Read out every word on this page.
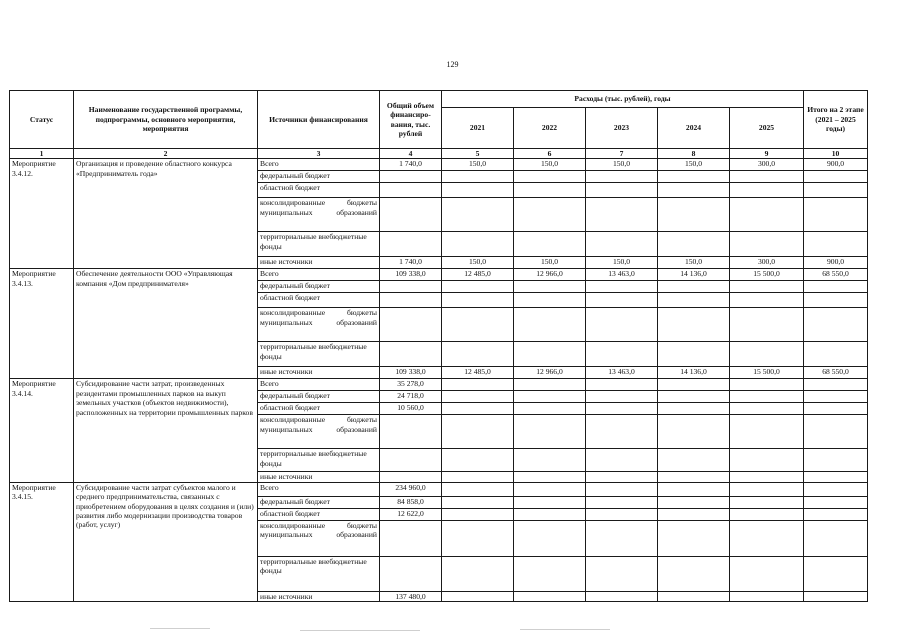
129
Статус	Наименование государственной программы, подпрограммы, основного мероприятия, мероприятия	Источники финансирования	Общий объем финансиро-вания, тыс. рублей	Расходы (тыс. рублей), годы					Итого на 2 этапе (2021 – 2025 годы)
				2021	2022	2023	2024	2025	
1	2	3	4	5	6	7	8	9	10
Мероприятие 3.4.12.	Организация и проведение областного конкурса «Предприниматель года»	Всего	1 740,0	150,0	150,0	150,0	150,0	300,0	900,0
		федеральный бюджет							
		областной бюджет							
		консолидированные бюджеты муниципальных образований							
		территориальные внебюджетные фонды							
		иные источники	1 740,0	150,0	150,0	150,0	150,0	300,0	900,0
Мероприятие 3.4.13.	Обеспечение деятельности ООО «Управляющая компания «Дом предпринимателя»	Всего	109 338,0	12 485,0	12 966,0	13 463,0	14 136,0	15 500,0	68 550,0
		федеральный бюджет							
		областной бюджет							
		консолидированные бюджеты муниципальных образований							
		территориальные внебюджетные фонды							
		иные источники	109 338,0	12 485,0	12 966,0	13 463,0	14 136,0	15 500,0	68 550,0
Мероприятие 3.4.14.	Субсидирование части затрат, произведенных резидентами промышленных парков на выкуп земельных участков (объектов недвижимости), расположенных на территории промышленных парков	Всего	35 278,0						
		федеральный бюджет	24 718,0						
		областной бюджет	10 560,0						
		консолидированные бюджеты муниципальных образований							
		территориальные внебюджетные фонды							
		иные источники							
Мероприятие 3.4.15.	Субсидирование части затрат субъектов малого и среднего предпринимательства, связанных с приобретением оборудования в целях создания и (или) развития либо модернизации производства товаров (работ, услуг)	Всего	234 960,0						
		федеральный бюджет	84 858,0						
		областной бюджет	12 622,0						
		консолидированные бюджеты муниципальных образований							
		территориальные внебюджетные фонды							
		иные источники	137 480,0						
